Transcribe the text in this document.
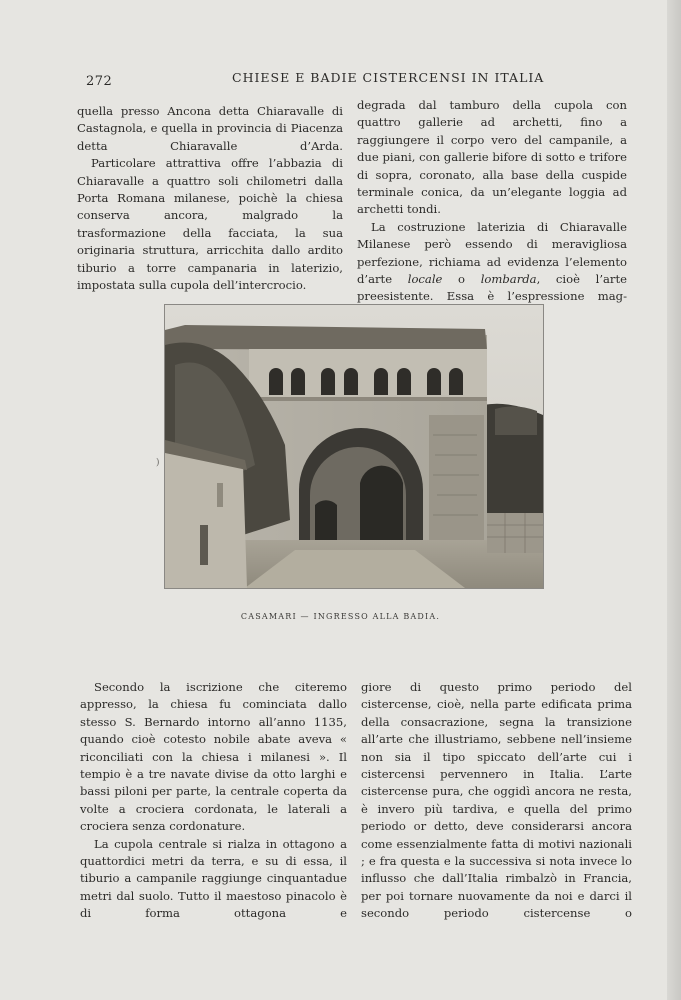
272	CHIESE E BADIE CISTERCENSI IN ITALIA

quella presso Ancona detta Chiaravalle di Castagnola, e quella in provincia di Piacenza detta Chiaravalle d’Arda.

Particolare attrattiva offre l’abbazia di Chiaravalle a quattro soli chilometri dalla Porta Romana milanese, poichè la chiesa conserva ancora, malgrado la trasformazione della facciata, la sua originaria struttura, arricchita dallo ardito tiburio a torre campanaria in laterizio, impostata sulla cupola dell’intercrocio.

degrada dal tamburo della cupola con quattro gallerie ad archetti, fino a raggiungere il corpo vero del campanile, a due piani, con gallerie bifore di sotto e trifore di sopra, coronato, alla base della cuspide terminale conica, da un’elegante loggia ad archetti tondi.

La costruzione laterizia di Chiaravalle Milanese però essendo di meravigliosa perfezione, richiama ad evidenza l’elemento d’arte locale o lombarda, cioè l’arte preesistente. Essa è l’espressione mag-

)
CASAMARI — INGRESSO ALLA BADIA.

Secondo la iscrizione che citeremo appresso, la chiesa fu cominciata dallo stesso S. Bernardo intorno all’anno 1135, quando cioè cotesto nobile abate aveva « riconciliati con la chiesa i milanesi ». Il tempio è a tre navate divise da otto larghi e bassi piloni per parte, la centrale coperta da volte a crociera cordonata, le laterali a crociera senza cordonature.

La cupola centrale si rialza in ottagono a quattordici metri da terra, e su di essa, il tiburio a campanile raggiunge cinquantadue metri dal suolo. Tutto il maestoso pinacolo è di forma ottagona e

giore di questo primo periodo del cistercense, cioè, nella parte edificata prima della consacrazione, segna la transizione all’arte che illustriamo, sebbene nell’insieme non sia il tipo spiccato dell’arte cui i cistercensi pervennero in Italia. L’arte cistercense pura, che oggidì ancora ne resta, è invero più tardiva, e quella del primo periodo or detto, deve considerarsi ancora come essenzialmente fatta di motivi nazionali ; e fra questa e la successiva si nota invece lo influsso che dall’Italia rimbalzò in Francia, per poi tornare nuovamente da noi e darci il secondo periodo cistercense o
